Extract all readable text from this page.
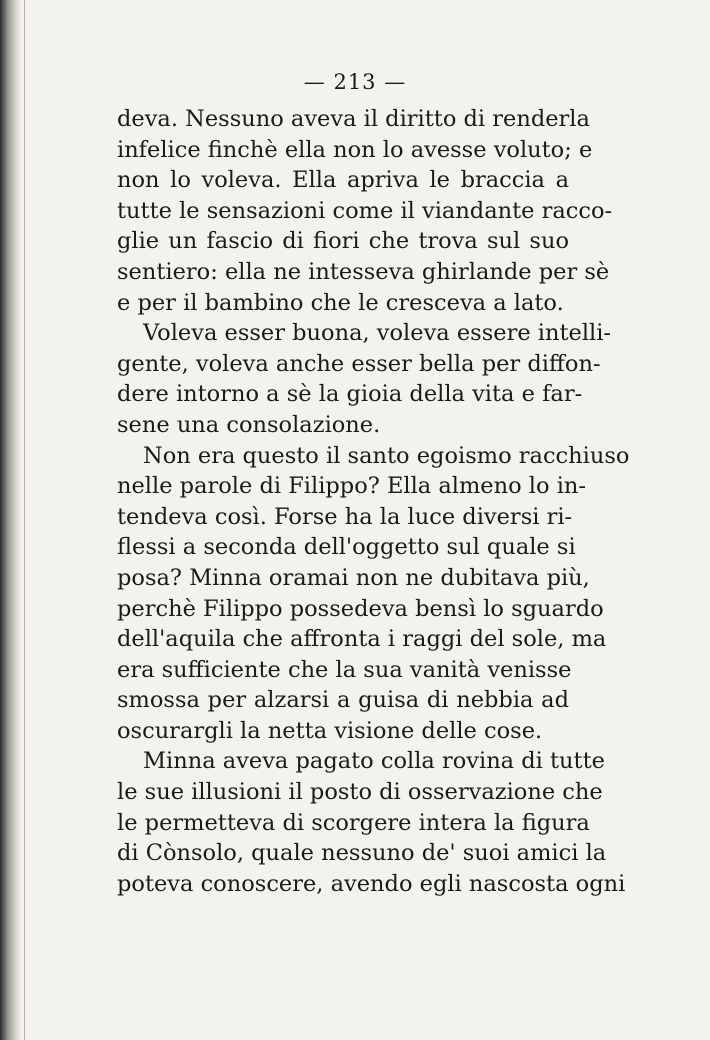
— 213 —
deva. Nessuno aveva il diritto di renderla
infelice finchè ella non lo avesse voluto; e
non lo voleva. Ella apriva le braccia a
tutte le sensazioni come il viandante racco-
glie un fascio di fiori che trova sul suo
sentiero: ella ne intesseva ghirlande per sè
e per il bambino che le cresceva a lato.
Voleva esser buona, voleva essere intelli-
gente, voleva anche esser bella per diffon-
dere intorno a sè la gioia della vita e far-
sene una consolazione.
Non era questo il santo egoismo racchiuso
nelle parole di Filippo? Ella almeno lo in-
tendeva così. Forse ha la luce diversi ri-
flessi a seconda dell'oggetto sul quale si
posa? Minna oramai non ne dubitava più,
perchè Filippo possedeva bensì lo sguardo
dell'aquila che affronta i raggi del sole, ma
era sufficiente che la sua vanità venisse
smossa per alzarsi a guisa di nebbia ad
oscurargli la netta visione delle cose.
Minna aveva pagato colla rovina di tutte
le sue illusioni il posto di osservazione che
le permetteva di scorgere intera la figura
di Cònsolo, quale nessuno de' suoi amici la
poteva conoscere, avendo egli nascosta ogni
